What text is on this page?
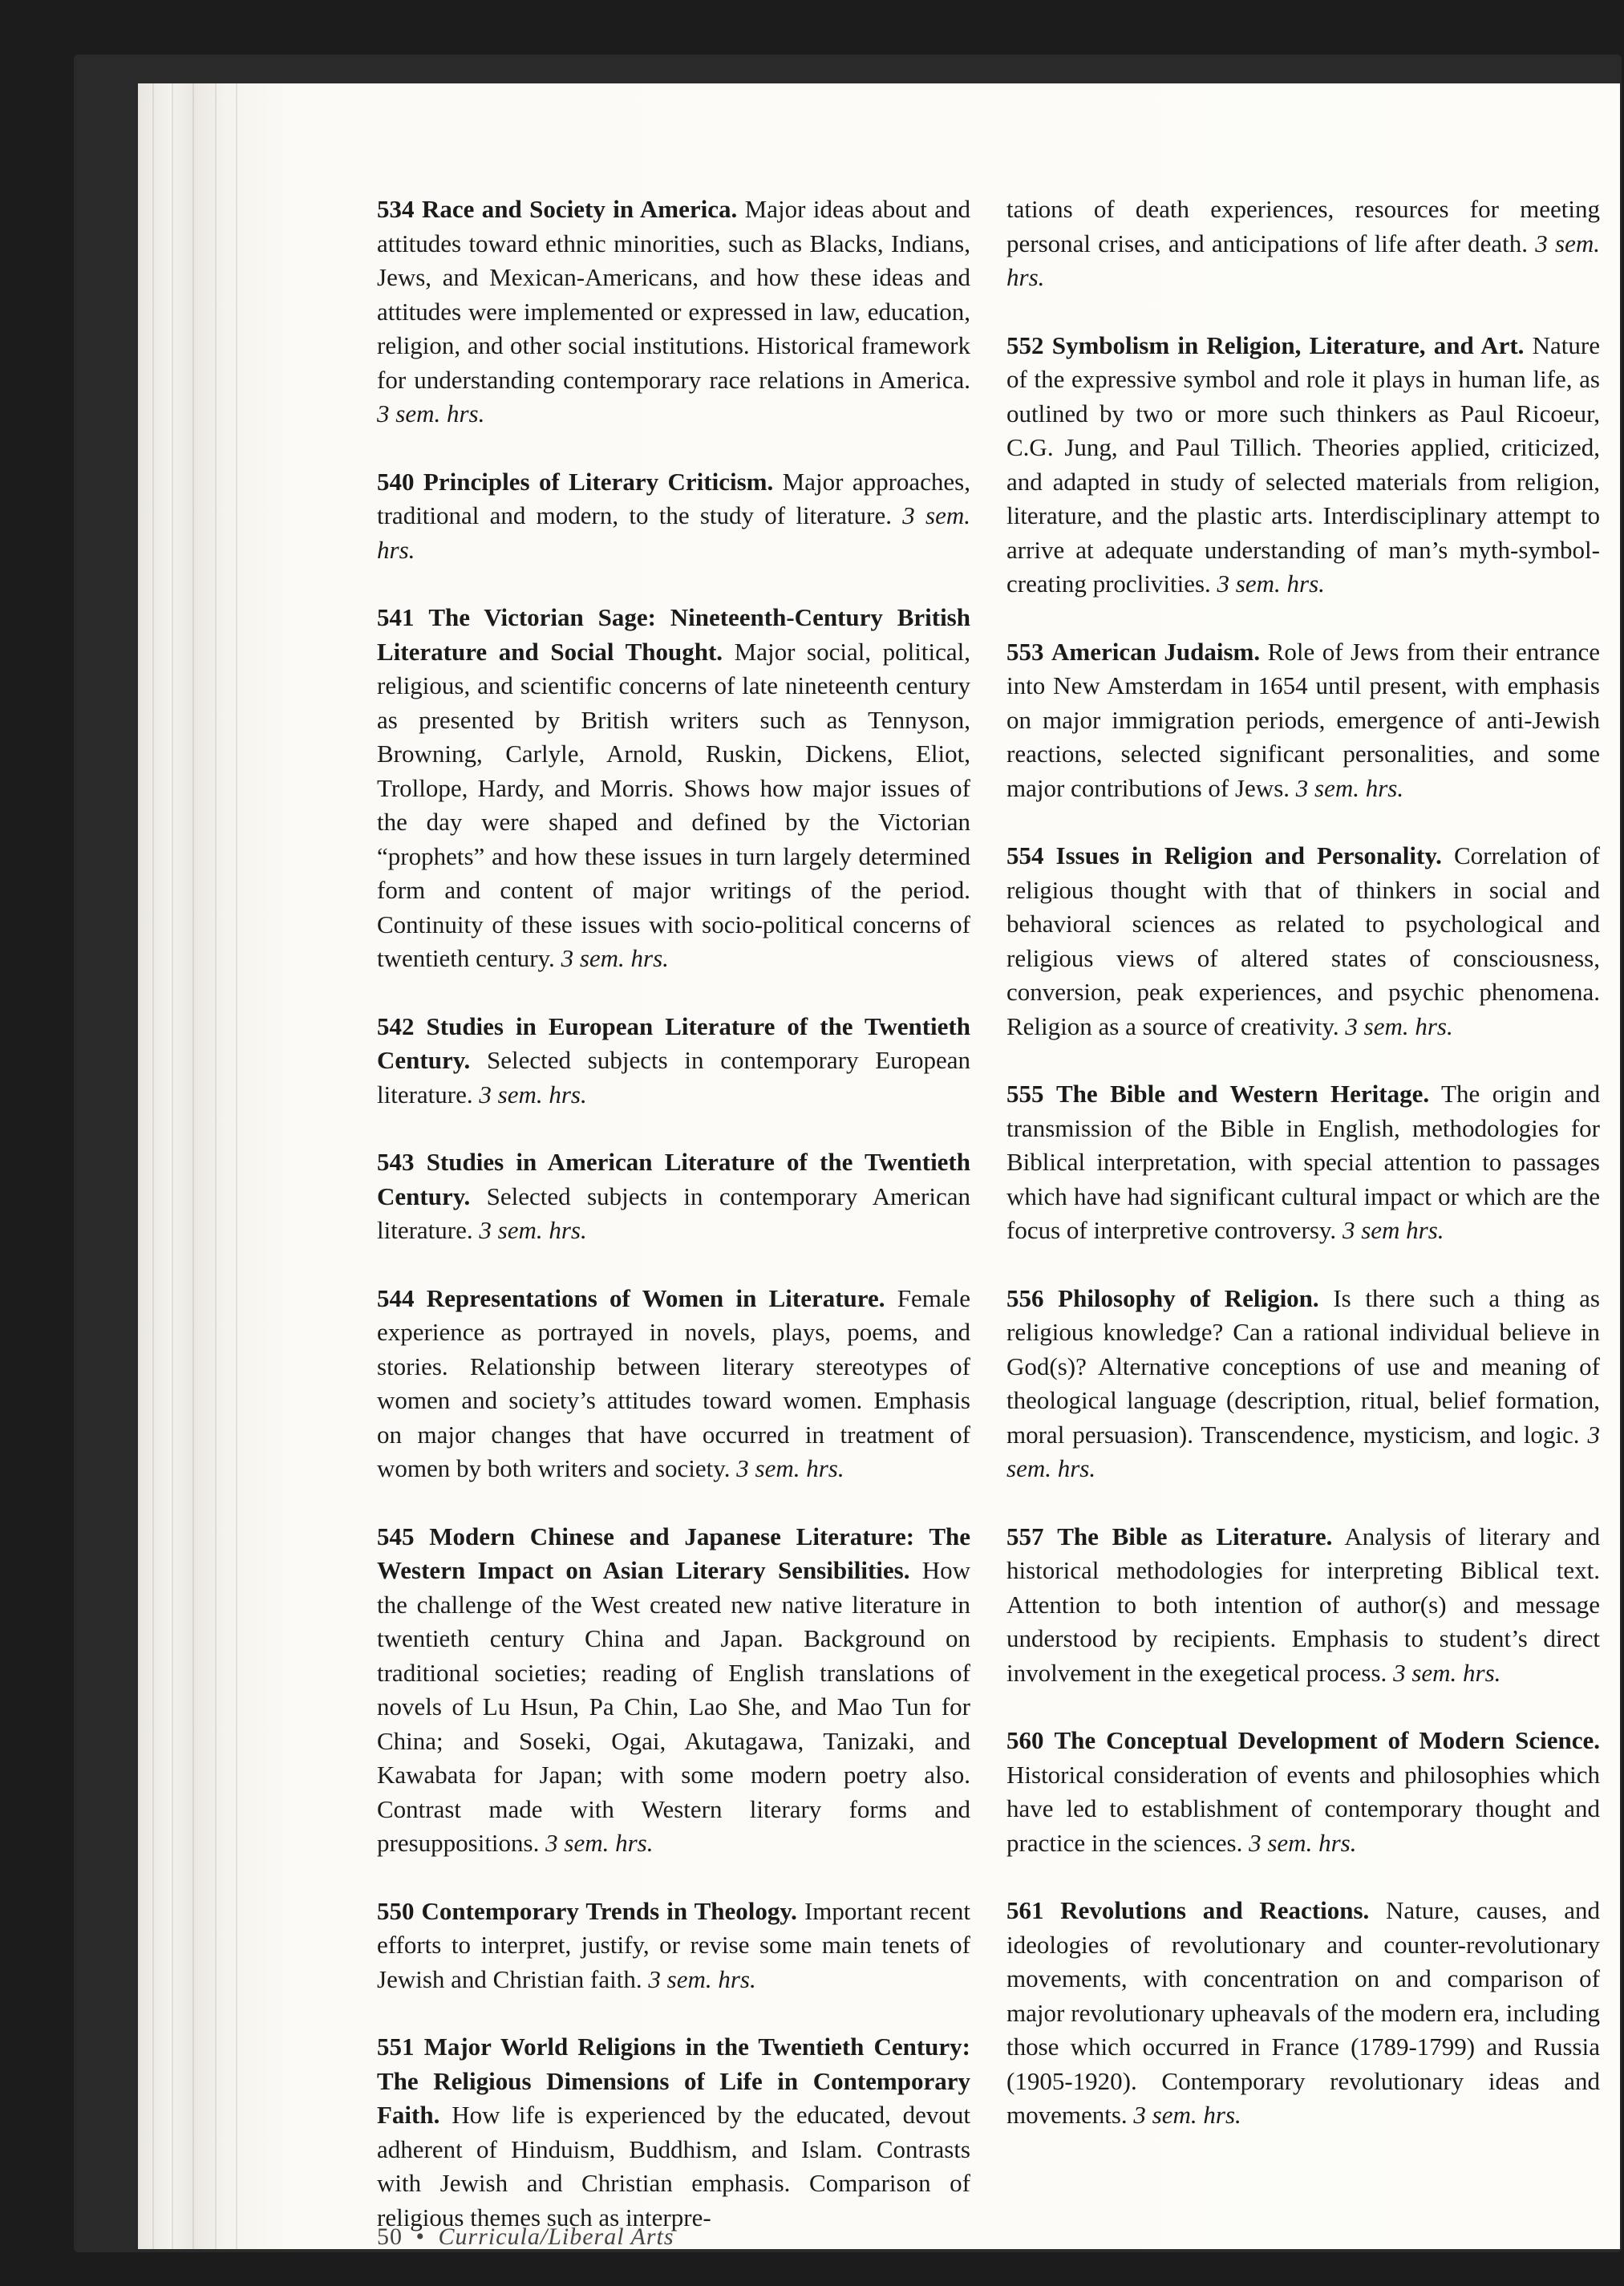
534 Race and Society in America. Major ideas about and attitudes toward ethnic minorities, such as Blacks, Indians, Jews, and Mexican-Americans, and how these ideas and attitudes were implemented or expressed in law, education, religion, and other social institutions. Historical framework for understanding contemporary race relations in America. 3 sem. hrs.
540 Principles of Literary Criticism. Major approaches, traditional and modern, to the study of literature. 3 sem. hrs.
541 The Victorian Sage: Nineteenth-Century British Literature and Social Thought. Major social, political, religious, and scientific concerns of late nineteenth century as presented by British writers such as Tennyson, Browning, Carlyle, Arnold, Ruskin, Dickens, Eliot, Trollope, Hardy, and Morris. Shows how major issues of the day were shaped and defined by the Victorian “prophets” and how these issues in turn largely determined form and content of major writings of the period. Continuity of these issues with socio-political concerns of twentieth century. 3 sem. hrs.
542 Studies in European Literature of the Twentieth Century. Selected subjects in contemporary European literature. 3 sem. hrs.
543 Studies in American Literature of the Twentieth Century. Selected subjects in contemporary American literature. 3 sem. hrs.
544 Representations of Women in Literature. Female experience as portrayed in novels, plays, poems, and stories. Relationship between literary stereotypes of women and society’s attitudes toward women. Emphasis on major changes that have occurred in treatment of women by both writers and society. 3 sem. hrs.
545 Modern Chinese and Japanese Literature: The Western Impact on Asian Literary Sensibilities. How the challenge of the West created new native literature in twentieth century China and Japan. Background on traditional societies; reading of English translations of novels of Lu Hsun, Pa Chin, Lao She, and Mao Tun for China; and Soseki, Ogai, Akutagawa, Tanizaki, and Kawabata for Japan; with some modern poetry also. Contrast made with Western literary forms and presuppositions. 3 sem. hrs.
550 Contemporary Trends in Theology. Important recent efforts to interpret, justify, or revise some main tenets of Jewish and Christian faith. 3 sem. hrs.
551 Major World Religions in the Twentieth Century: The Religious Dimensions of Life in Contemporary Faith. How life is experienced by the educated, devout adherent of Hinduism, Buddhism, and Islam. Contrasts with Jewish and Christian emphasis. Comparison of religious themes such as interpre-
tations of death experiences, resources for meeting personal crises, and anticipations of life after death. 3 sem. hrs.
552 Symbolism in Religion, Literature, and Art. Nature of the expressive symbol and role it plays in human life, as outlined by two or more such thinkers as Paul Ricoeur, C.G. Jung, and Paul Tillich. Theories applied, criticized, and adapted in study of selected materials from religion, literature, and the plastic arts. Interdisciplinary attempt to arrive at adequate understanding of man’s myth-symbol-creating proclivities. 3 sem. hrs.
553 American Judaism. Role of Jews from their entrance into New Amsterdam in 1654 until present, with emphasis on major immigration periods, emergence of anti-Jewish reactions, selected significant personalities, and some major contributions of Jews. 3 sem. hrs.
554 Issues in Religion and Personality. Correlation of religious thought with that of thinkers in social and behavioral sciences as related to psychological and religious views of altered states of consciousness, conversion, peak experiences, and psychic phenomena. Religion as a source of creativity. 3 sem. hrs.
555 The Bible and Western Heritage. The origin and transmission of the Bible in English, methodologies for Biblical interpretation, with special attention to passages which have had significant cultural impact or which are the focus of interpretive controversy. 3 sem hrs.
556 Philosophy of Religion. Is there such a thing as religious knowledge? Can a rational individual believe in God(s)? Alternative conceptions of use and meaning of theological language (description, ritual, belief formation, moral persuasion). Transcendence, mysticism, and logic. 3 sem. hrs.
557 The Bible as Literature. Analysis of literary and historical methodologies for interpreting Biblical text. Attention to both intention of author(s) and message understood by recipients. Emphasis to student’s direct involvement in the exegetical process. 3 sem. hrs.
560 The Conceptual Development of Modern Science. Historical consideration of events and philosophies which have led to establishment of contemporary thought and practice in the sciences. 3 sem. hrs.
561 Revolutions and Reactions. Nature, causes, and ideologies of revolutionary and counter-revolutionary movements, with concentration on and comparison of major revolutionary upheavals of the modern era, including those which occurred in France (1789-1799) and Russia (1905-1920). Contemporary revolutionary ideas and movements. 3 sem. hrs.
50 • Curricula/Liberal Arts
